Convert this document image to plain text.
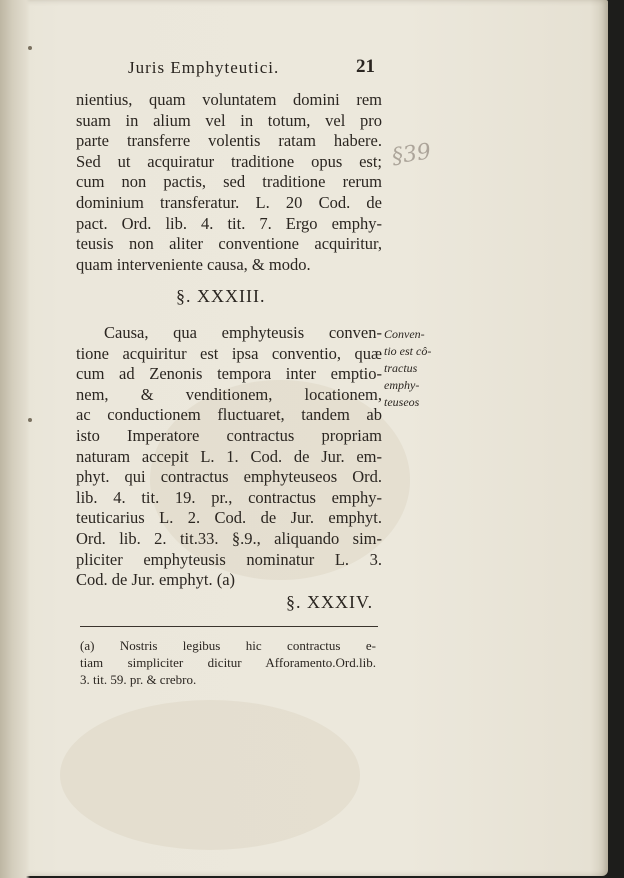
Juris Emphyteutici.	21
nientius, quam voluntatem domini rem
suam in alium vel in totum, vel pro
parte transferre volentis ratam habere.
Sed ut acquiratur traditione opus est;
cum non pactis, sed traditione rerum
dominium transferatur. L. 20 Cod. de
pact. Ord. lib. 4. tit. 7. Ergo emphy-
teusis non aliter conventione acquiritur,
quam interveniente causa, & modo.
§39
§. XXXIII.
Causa, qua emphyteusis conven-
tione acquiritur est ipsa conventio, quæ
cum ad Zenonis tempora inter emptio-
nem, & venditionem, locationem,
ac conductionem fluctuaret, tandem ab
isto Imperatore contractus propriam
naturam accepit L. 1. Cod. de Jur. em-
phyt. qui contractus emphyteuseos Ord.
lib. 4. tit. 19. pr., contractus emphy-
teuticarius L. 2. Cod. de Jur. emphyt.
Ord. lib. 2. tit.33. §.9., aliquando sim-
pliciter emphyteusis nominatur L. 3.
Cod. de Jur. emphyt. (a)
Conven-
tio est cô-
tractus
emphy-
teuseos
§. XXXIV.
(a) Nostris legibus hic contractus e-
tiam simpliciter dicitur Afforamento.Ord.lib.
3. tit. 59. pr. & crebro.
